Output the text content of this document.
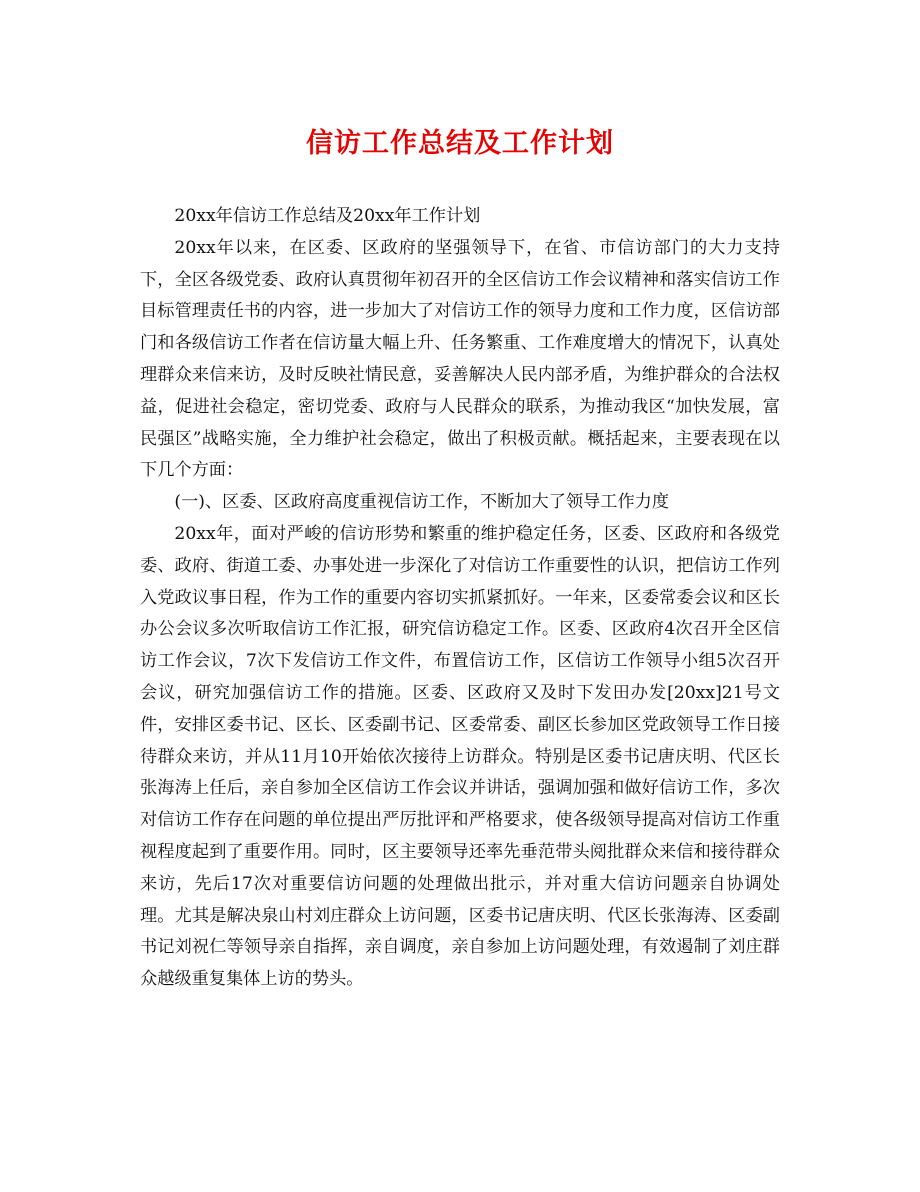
信访工作总结及工作计划

20xx年信访工作总结及20xx年工作计划

20xx年以来，在区委、区政府的坚强领导下，在省、市信访部门的大力支持下，全区各级党委、政府认真贯彻年初召开的全区信访工作会议精神和落实信访工作目标管理责任书的内容，进一步加大了对信访工作的领导力度和工作力度，区信访部门和各级信访工作者在信访量大幅上升、任务繁重、工作难度增大的情况下，认真处理群众来信来访，及时反映社情民意，妥善解决人民内部矛盾，为维护群众的合法权益，促进社会稳定，密切党委、政府与人民群众的联系，为推动我区“加快发展，富民强区”战略实施，全力维护社会稳定，做出了积极贡献。概括起来，主要表现在以下几个方面：

(一)、区委、区政府高度重视信访工作，不断加大了领导工作力度

20xx年，面对严峻的信访形势和繁重的维护稳定任务，区委、区政府和各级党委、政府、街道工委、办事处进一步深化了对信访工作重要性的认识，把信访工作列入党政议事日程，作为工作的重要内容切实抓紧抓好。一年来，区委常委会议和区长办公会议多次听取信访工作汇报，研究信访稳定工作。区委、区政府4次召开全区信访工作会议，7次下发信访工作文件，布置信访工作，区信访工作领导小组5次召开会议，研究加强信访工作的措施。区委、区政府又及时下发田办发[20xx]21号文件，安排区委书记、区长、区委副书记、区委常委、副区长参加区党政领导工作日接待群众来访，并从11月10开始依次接待上访群众。特别是区委书记唐庆明、代区长张海涛上任后，亲自参加全区信访工作会议并讲话，强调加强和做好信访工作，多次对信访工作存在问题的单位提出严厉批评和严格要求，使各级领导提高对信访工作重视程度起到了重要作用。同时，区主要领导还率先垂范带头阅批群众来信和接待群众来访，先后17次对重要信访问题的处理做出批示，并对重大信访问题亲自协调处理。尤其是解决泉山村刘庄群众上访问题，区委书记唐庆明、代区长张海涛、区委副书记刘祝仁等领导亲自指挥，亲自调度，亲自参加上访问题处理，有效遏制了刘庄群众越级重复集体上访的势头。
